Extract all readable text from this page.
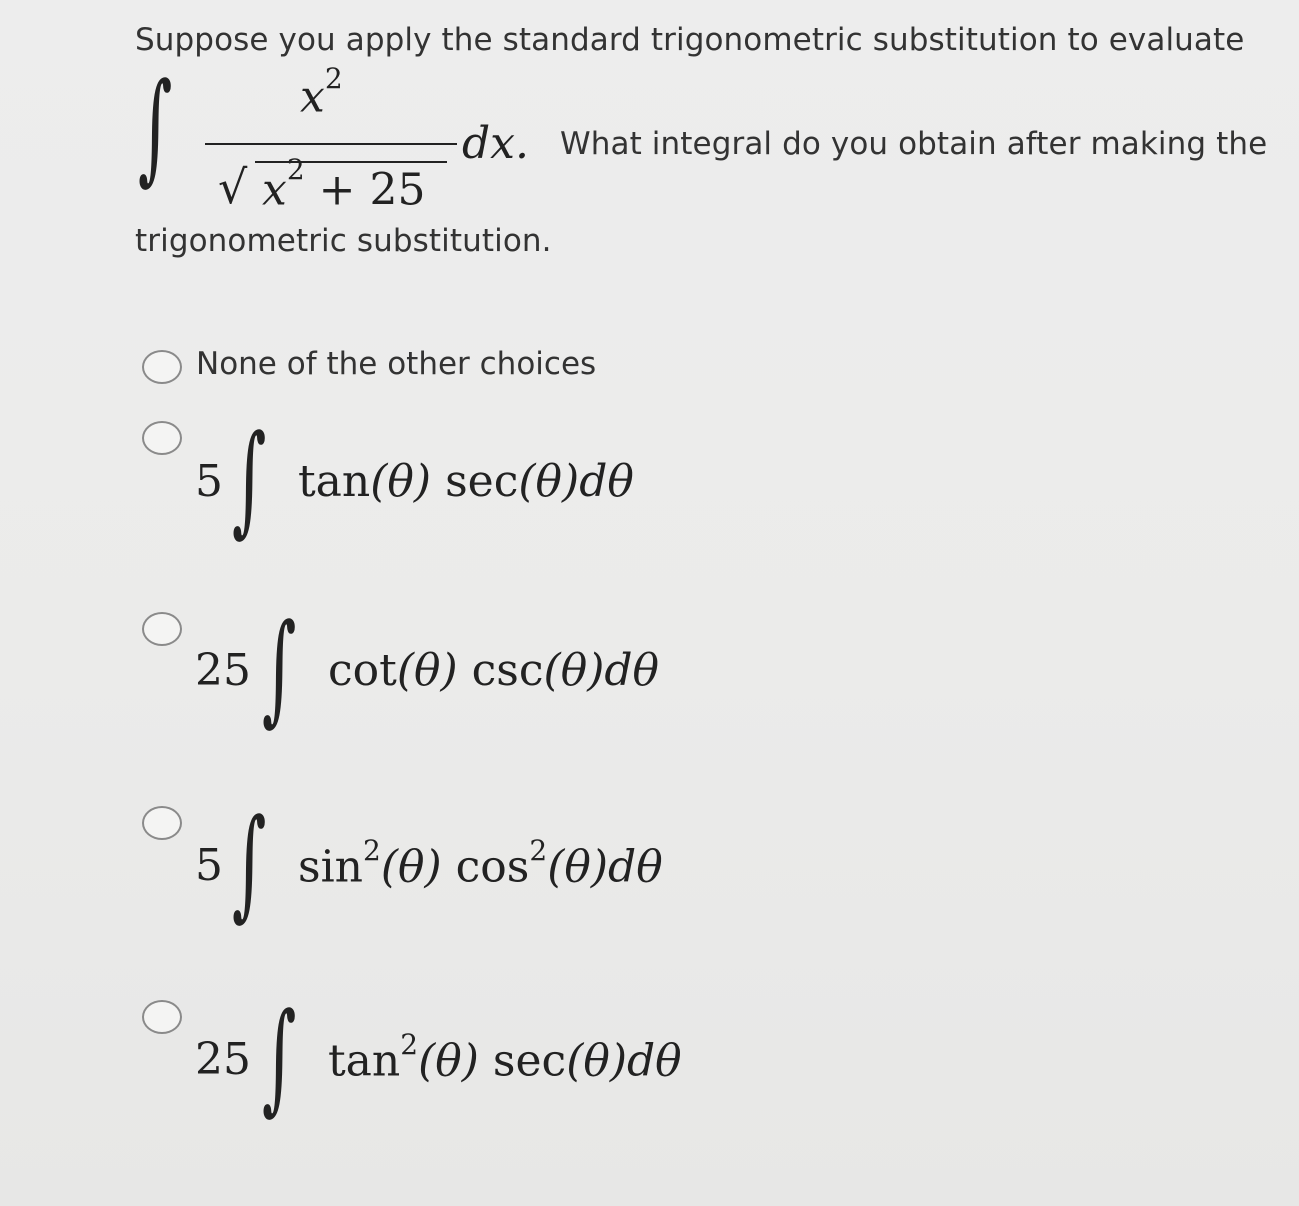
Suppose you apply the standard trigonometric substitution to evaluate
∫	$x^2$
√ $x^2 + 25$
dx. What integral do you obtain after making the
trigonometric substitution.
None of the other choices
5 ∫ tan(θ) sec(θ)dθ
25 ∫ cot(θ) csc(θ)dθ
5 ∫ $\sin^2(\theta)$ $\cos^2(\theta)d\theta$
25 ∫ $\tan^2(\theta)$ sec(θ)dθ
